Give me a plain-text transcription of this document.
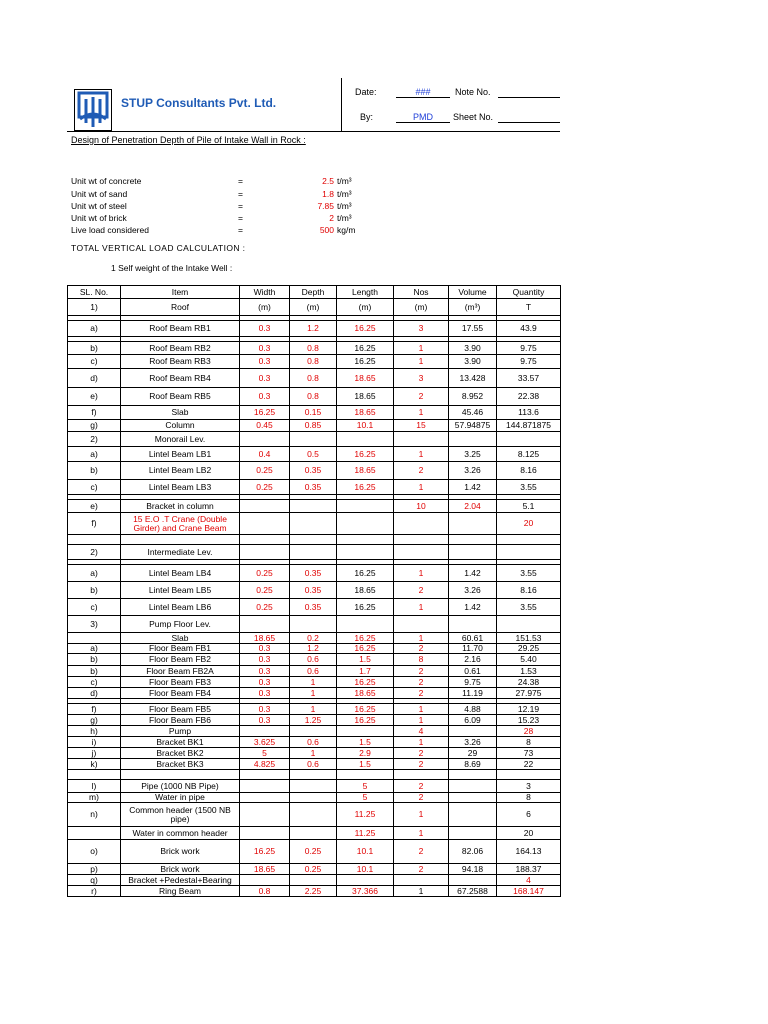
STUP Consultants Pvt. Ltd.
Date:	###	Note No.
By:	PMD	Sheet No.
Design of Penetration Depth of Pile of Intake Wall in Rock :
Unit wt of concrete	=	2.5 t/m³
Unit wt of sand	=	1.8 t/m³
Unit wt of steel	=	7.85 t/m³
Unit wt of brick	=	2 t/m³
Live load considered	=	500 kg/m
TOTAL VERTICAL LOAD CALCULATION :
1 Self weight of the Intake Well :
SL. No.	Item	Width	Depth	Length	Nos	Volume	Quantity
1)	Roof	(m)	(m)	(m)	(m)	(m³)	T

a)	Roof Beam RB1	0.3	1.2	16.25	3	17.55	43.9

b)	Roof Beam RB2	0.3	0.8	16.25	1	3.90	9.75
c)	Roof Beam RB3	0.3	0.8	16.25	1	3.90	9.75
d)	Roof Beam RB4	0.3	0.8	18.65	3	13.428	33.57
e)	Roof Beam RB5	0.3	0.8	18.65	2	8.952	22.38
f)	Slab	16.25	0.15	18.65	1	45.46	113.6
g)	Column	0.45	0.85	10.1	15	57.94875	144.871875
2)	Monorail Lev.						
a)	Lintel Beam LB1	0.4	0.5	16.25	1	3.25	8.125
b)	Lintel Beam LB2	0.25	0.35	18.65	2	3.26	8.16
c)	Lintel Beam LB3	0.25	0.35	16.25	1	1.42	3.55

e)	Bracket in column				10	2.04	5.1
f)	15 E.O .T Crane (Double Girder) and Crane Beam						20

2)	Intermediate Lev.						

a)	Lintel Beam LB4	0.25	0.35	16.25	1	1.42	3.55
b)	Lintel Beam LB5	0.25	0.35	18.65	2	3.26	8.16
c)	Lintel Beam LB6	0.25	0.35	16.25	1	1.42	3.55
3)	Pump Floor Lev.						
	Slab	18.65	0.2	16.25	1	60.61	151.53
a)	Floor Beam FB1	0.3	1.2	16.25	2	11.70	29.25
b)	Floor Beam FB2	0.3	0.6	1.5	8	2.16	5.40
b)	Floor Beam FB2A	0.3	0.6	1.7	2	0.61	1.53
c)	Floor Beam FB3	0.3	1	16.25	2	9.75	24.38
d)	Floor Beam FB4	0.3	1	18.65	2	11.19	27.975

f)	Floor Beam FB5	0.3	1	16.25	1	4.88	12.19
g)	Floor Beam FB6	0.3	1.25	16.25	1	6.09	15.23
h)	Pump				4		28
i)	Bracket BK1	3.625	0.6	1.5	1	3.26	8
j)	Bracket BK2	5	1	2.9	2	29	73
k)	Bracket BK3	4.825	0.6	1.5	2	8.69	22

l)	Pipe (1000 NB Pipe)			5	2		3
m)	Water in pipe			5	2		8
n)	Common header (1500 NB pipe)			11.25	1		6
	Water in common header			11.25	1		20
o)	Brick work	16.25	0.25	10.1	2	82.06	164.13
p)	Brick work	18.65	0.25	10.1	2	94.18	188.37
q)	Bracket +Pedestal+Bearing						4
r)	Ring Beam	0.8	2.25	37.366	1	67.2588	168.147
